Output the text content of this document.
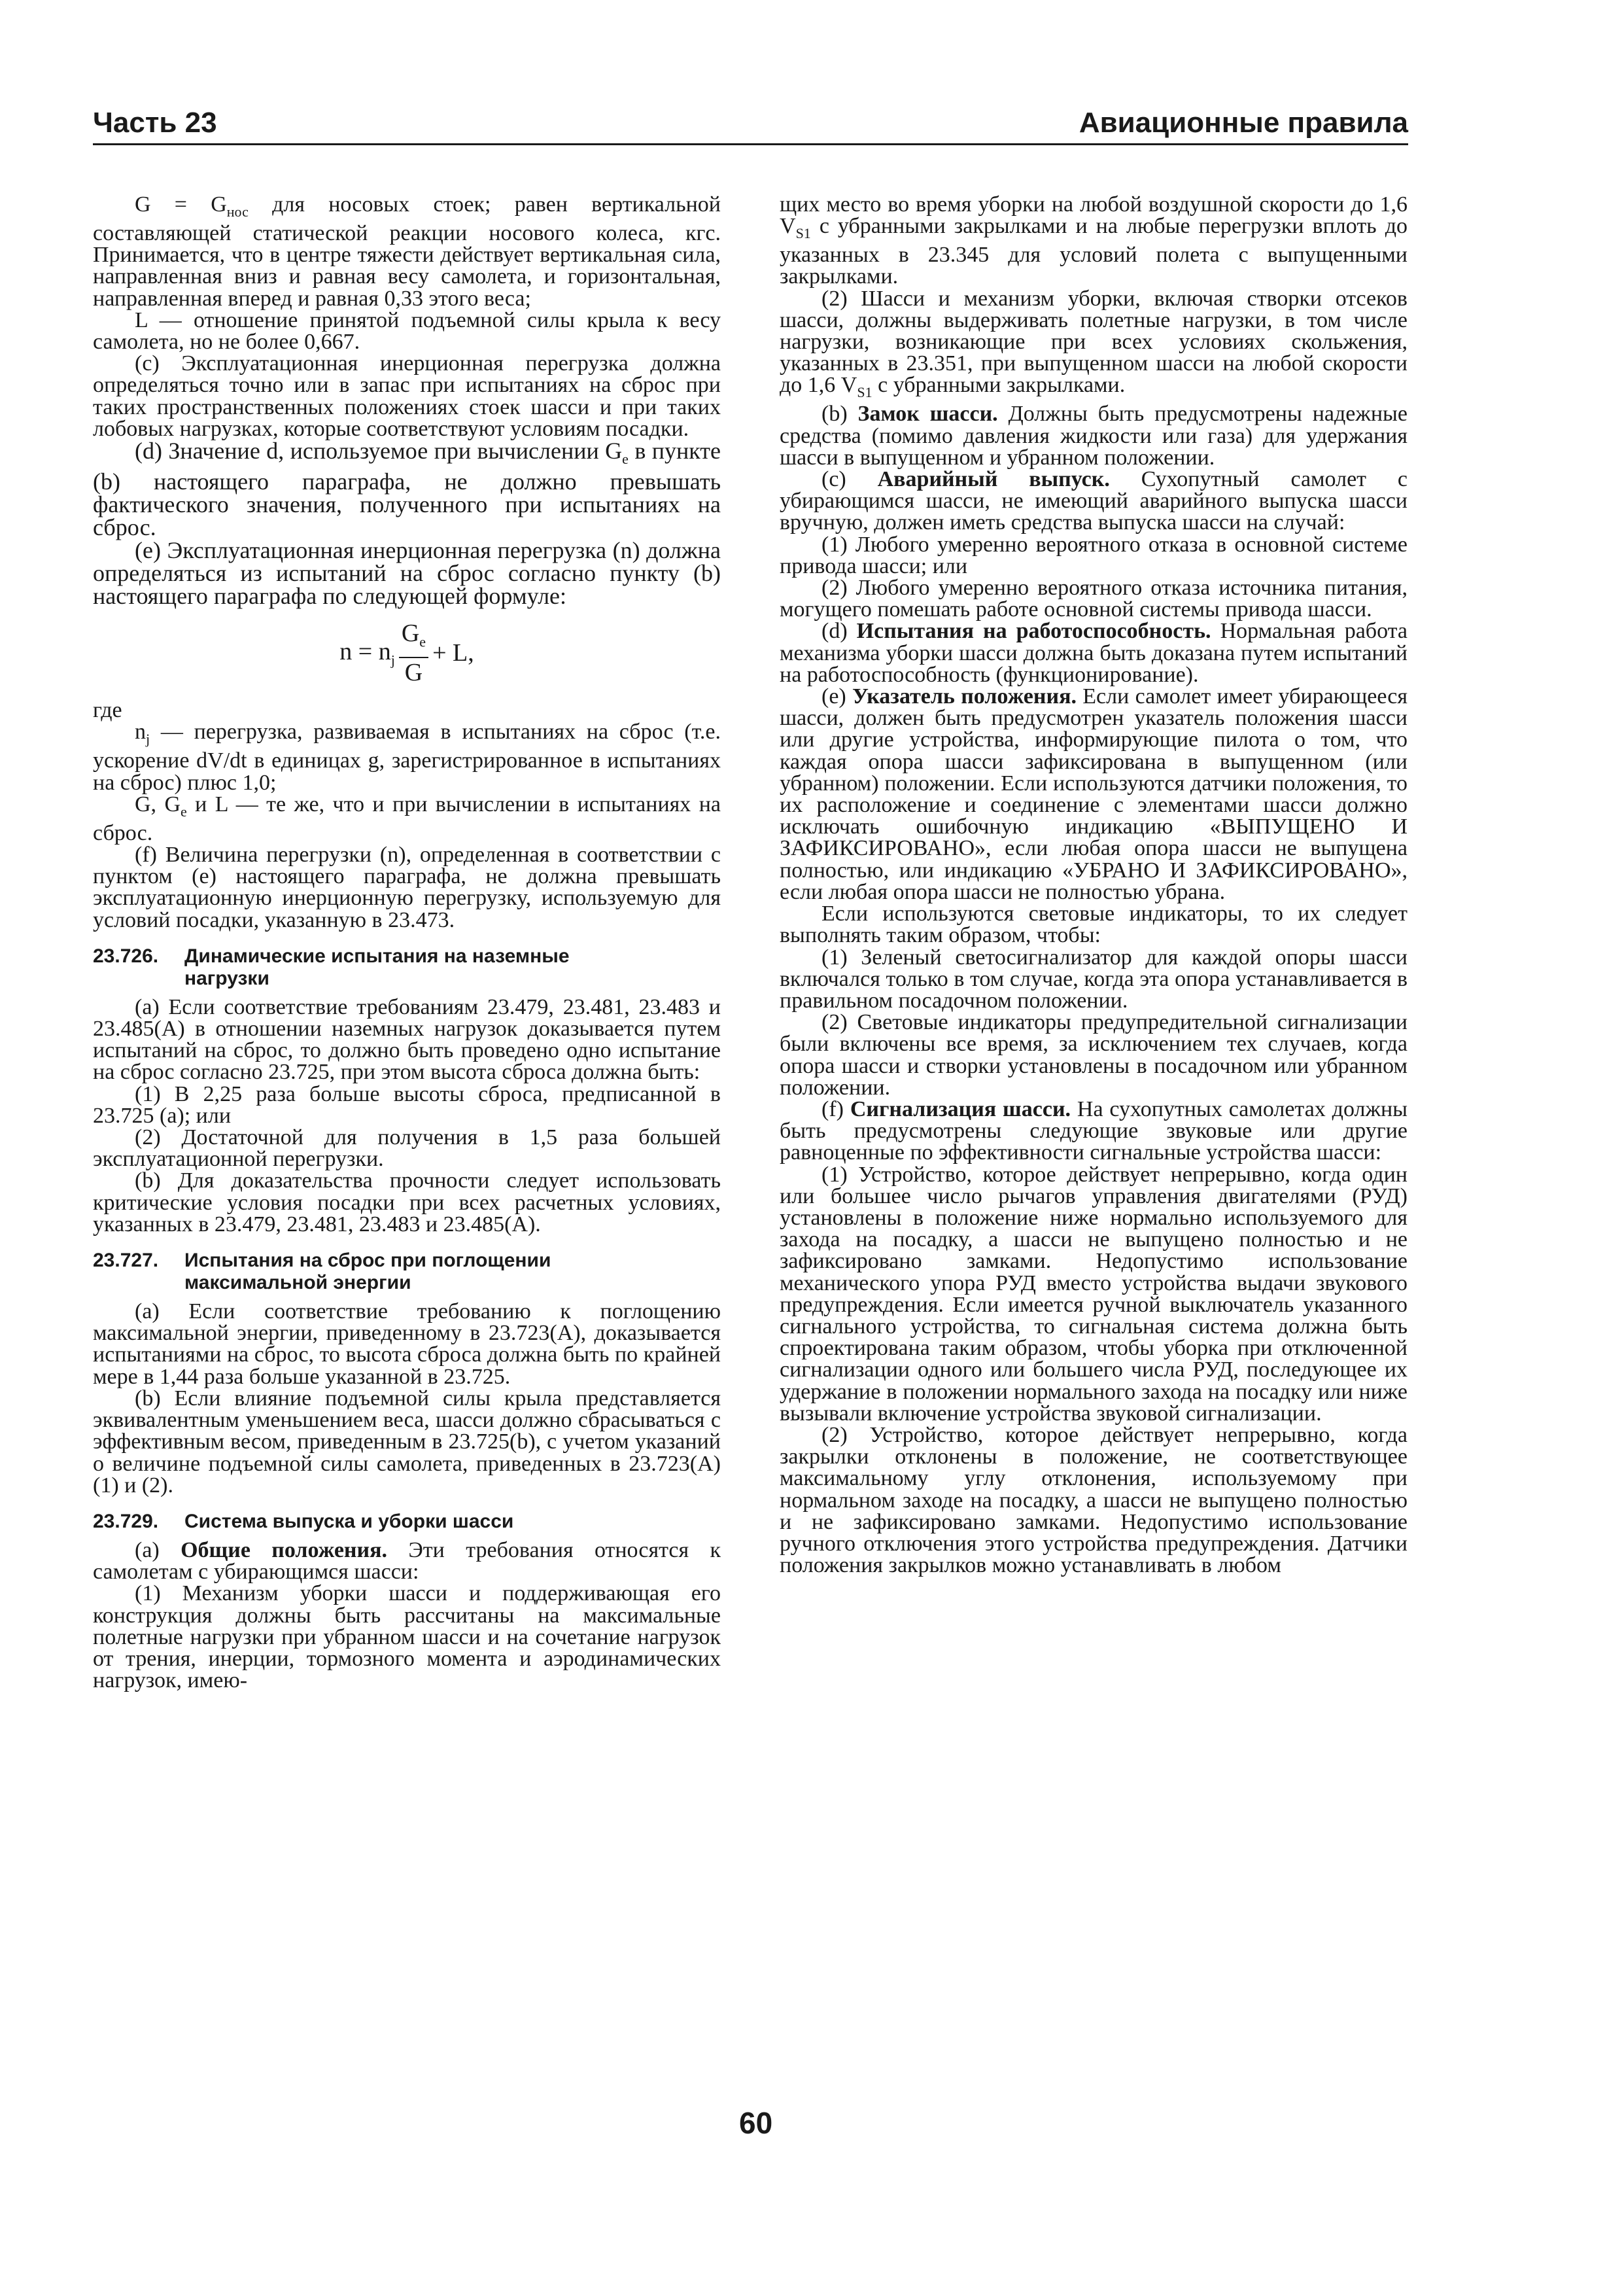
Часть 23	Авиационные правила

$G = G_{нос}$ для носовых стоек; равен вертикальной составляющей статической реакции носового колеса, кгс. Принимается, что в центре тяжести действует вертикальная сила, направленная вниз и равная весу самолета, и горизонтальная, направленная вперед и равная 0,33 этого веса;

L — отношение принятой подъемной силы крыла к весу самолета, но не более 0,667.

(c) Эксплуатационная инерционная перегрузка должна определяться точно или в запас при испытаниях на сброс при таких пространственных положениях стоек шасси и при таких лобовых нагрузках, которые соответствуют условиям посадки.

(d) Значение d, используемое при вычислении $G_e$ в пункте (b) настоящего параграфа, не должно превышать фактического значения, полученного при испытаниях на сброс.

(e) Эксплуатационная инерционная перегрузка (n) должна определяться из испытаний на сброс согласно пункту (b) настоящего параграфа по следующей формуле:

$n = n_j \frac{G_e}{G} + L$,

где

$n_j$ — перегрузка, развиваемая в испытаниях на сброс (т.е. ускорение dV/dt в единицах g, зарегистрированное в испытаниях на сброс) плюс 1,0;

G, $G_e$ и L — те же, что и при вычислении в испытаниях на сброс.

(f) Величина перегрузки (n), определенная в соответствии с пунктом (e) настоящего параграфа, не должна превышать эксплуатационную инерционную перегрузку, используемую для условий посадки, указанную в 23.473.

23.726. Динамические испытания на наземные
нагрузки

(a) Если соответствие требованиям 23.479, 23.481, 23.483 и 23.485(A) в отношении наземных нагрузок доказывается путем испытаний на сброс, то должно быть проведено одно испытание на сброс согласно 23.725, при этом высота сброса должна быть:

(1) В 2,25 раза больше высоты сброса, предписанной в 23.725 (a); или

(2) Достаточной для получения в 1,5 раза большей эксплуатационной перегрузки.

(b) Для доказательства прочности следует использовать критические условия посадки при всех расчетных условиях, указанных в 23.479, 23.481, 23.483 и 23.485(A).

23.727. Испытания на сброс при поглощении
максимальной энергии

(a) Если соответствие требованию к поглощению максимальной энергии, приведенному в 23.723(A), доказывается испытаниями на сброс, то высота сброса должна быть по крайней мере в 1,44 раза больше указанной в 23.725.

(b) Если влияние подъемной силы крыла представляется эквивалентным уменьшением веса, шасси должно сбрасываться с эффективным весом, приведенным в 23.725(b), с учетом указаний о величине подъемной силы самолета, приведенных в 23.723(A)(1) и (2).

23.729. Система выпуска и уборки шасси

(a) Общие положения. Эти требования относятся к самолетам с убирающимся шасси:

(1) Механизм уборки шасси и поддерживающая его конструкция должны быть рассчитаны на максимальные полетные нагрузки при убранном шасси и на сочетание нагрузок от трения, инерции, тормозного момента и аэродинамических нагрузок, имею-

щих место во время уборки на любой воздушной скорости до 1,6 $V_{S1}$ с убранными закрылками и на любые перегрузки вплоть до указанных в 23.345 для условий полета с выпущенными закрылками.

(2) Шасси и механизм уборки, включая створки отсеков шасси, должны выдерживать полетные нагрузки, в том числе нагрузки, возникающие при всех условиях скольжения, указанных в 23.351, при выпущенном шасси на любой скорости до 1,6 $V_{S1}$ с убранными закрылками.

(b) Замок шасси. Должны быть предусмотрены надежные средства (помимо давления жидкости или газа) для удержания шасси в выпущенном и убранном положении.

(c) Аварийный выпуск. Сухопутный самолет с убирающимся шасси, не имеющий аварийного выпуска шасси вручную, должен иметь средства выпуска шасси на случай:

(1) Любого умеренно вероятного отказа в основной системе привода шасси; или

(2) Любого умеренно вероятного отказа источника питания, могущего помешать работе основной системы привода шасси.

(d) Испытания на работоспособность. Нормальная работа механизма уборки шасси должна быть доказана путем испытаний на работоспособность (функционирование).

(e) Указатель положения. Если самолет имеет убирающееся шасси, должен быть предусмотрен указатель положения шасси или другие устройства, информирующие пилота о том, что каждая опора шасси зафиксирована в выпущенном (или убранном) положении. Если используются датчики положения, то их расположение и соединение с элементами шасси должно исключать ошибочную индикацию «ВЫПУЩЕНО И ЗАФИКСИРОВАНО», если любая опора шасси не выпущена полностью, или индикацию «УБРАНО И ЗАФИКСИРОВАНО», если любая опора шасси не полностью убрана.

Если используются световые индикаторы, то их следует выполнять таким образом, чтобы:

(1) Зеленый светосигнализатор для каждой опоры шасси включался только в том случае, когда эта опора устанавливается в правильном посадочном положении.

(2) Световые индикаторы предупредительной сигнализации были включены все время, за исключением тех случаев, когда опора шасси и створки установлены в посадочном или убранном положении.

(f) Сигнализация шасси. На сухопутных самолетах должны быть предусмотрены следующие звуковые или другие равноценные по эффективности сигнальные устройства шасси:

(1) Устройство, которое действует непрерывно, когда один или большее число рычагов управления двигателями (РУД) установлены в положение ниже нормально используемого для захода на посадку, а шасси не выпущено полностью и не зафиксировано замками. Недопустимо использование механического упора РУД вместо устройства выдачи звукового предупреждения. Если имеется ручной выключатель указанного сигнального устройства, то сигнальная система должна быть спроектирована таким образом, чтобы уборка при отключенной сигнализации одного или большего числа РУД, последующее их удержание в положении нормального захода на посадку или ниже вызывали включение устройства звуковой сигнализации.

(2) Устройство, которое действует непрерывно, когда закрылки отклонены в положение, не соответствующее максимальному углу отклонения, используемому при нормальном заходе на посадку, а шасси не выпущено полностью и не зафиксировано замками. Недопустимо использование ручного отключения этого устройства предупреждения. Датчики положения закрылков можно устанавливать в любом

60
